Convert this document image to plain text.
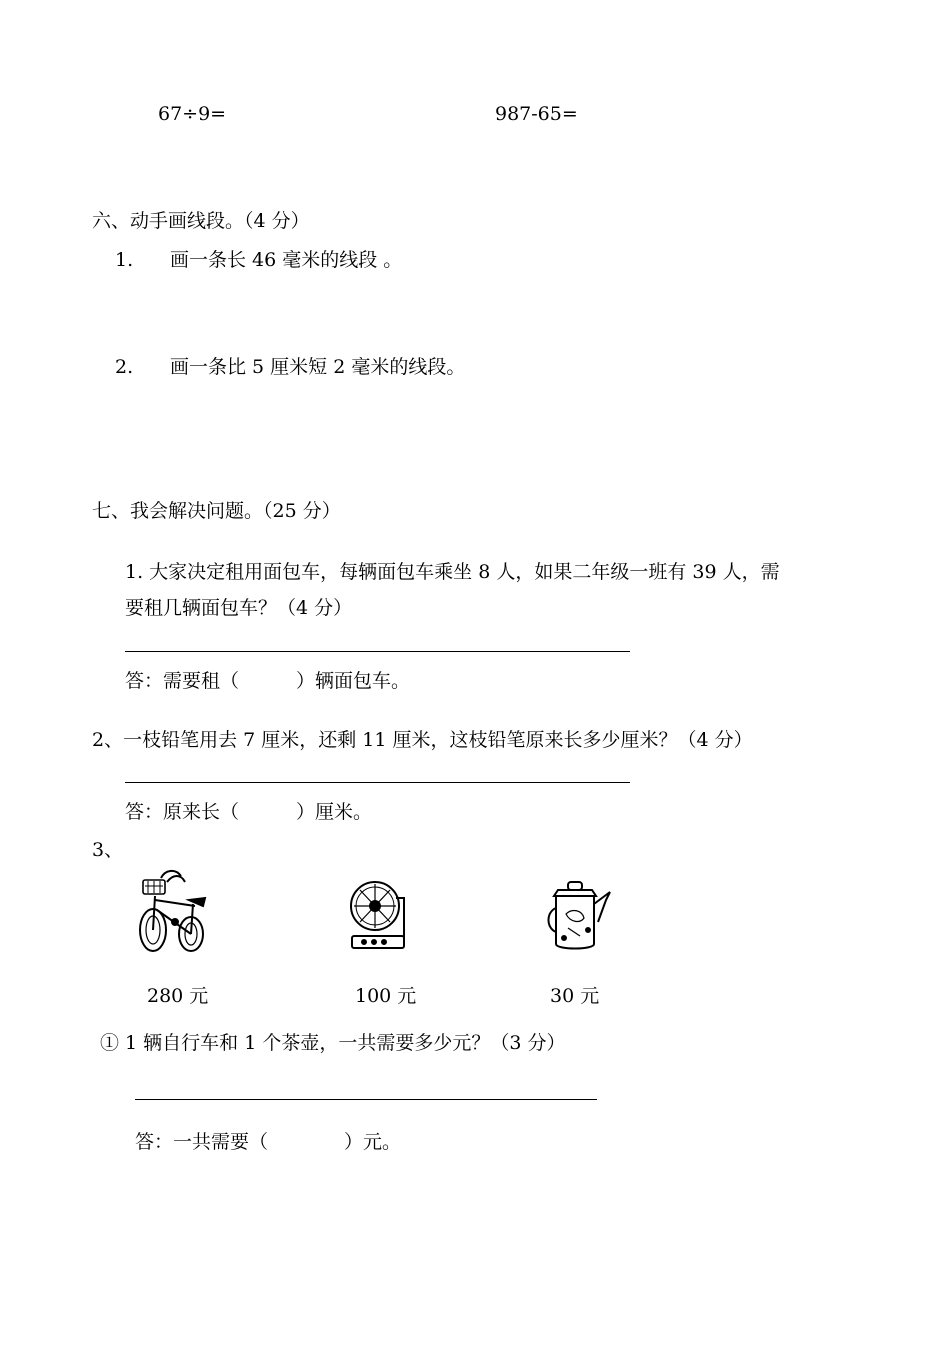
67÷9=	987-65=
六、动手画线段。（4 分）
1. 画一条长 46 毫米的线段 。
2. 画一条比 5 厘米短 2 毫米的线段。
七、我会解决问题。（25 分）
1. 大家决定租用面包车，每辆面包车乘坐 8 人，如果二年级一班有 39 人，需
要租几辆面包车？（4 分）
答：需要租（　　　）辆面包车。
2、一枝铅笔用去 7 厘米，还剩 11 厘米，这枝铅笔原来长多少厘米？（4 分）
答：原来长（　　　）厘米。
3、
280 元	100 元	30 元
① 1 辆自行车和 1 个茶壶，一共需要多少元？（3 分）
答：一共需要（　　　　）元。
